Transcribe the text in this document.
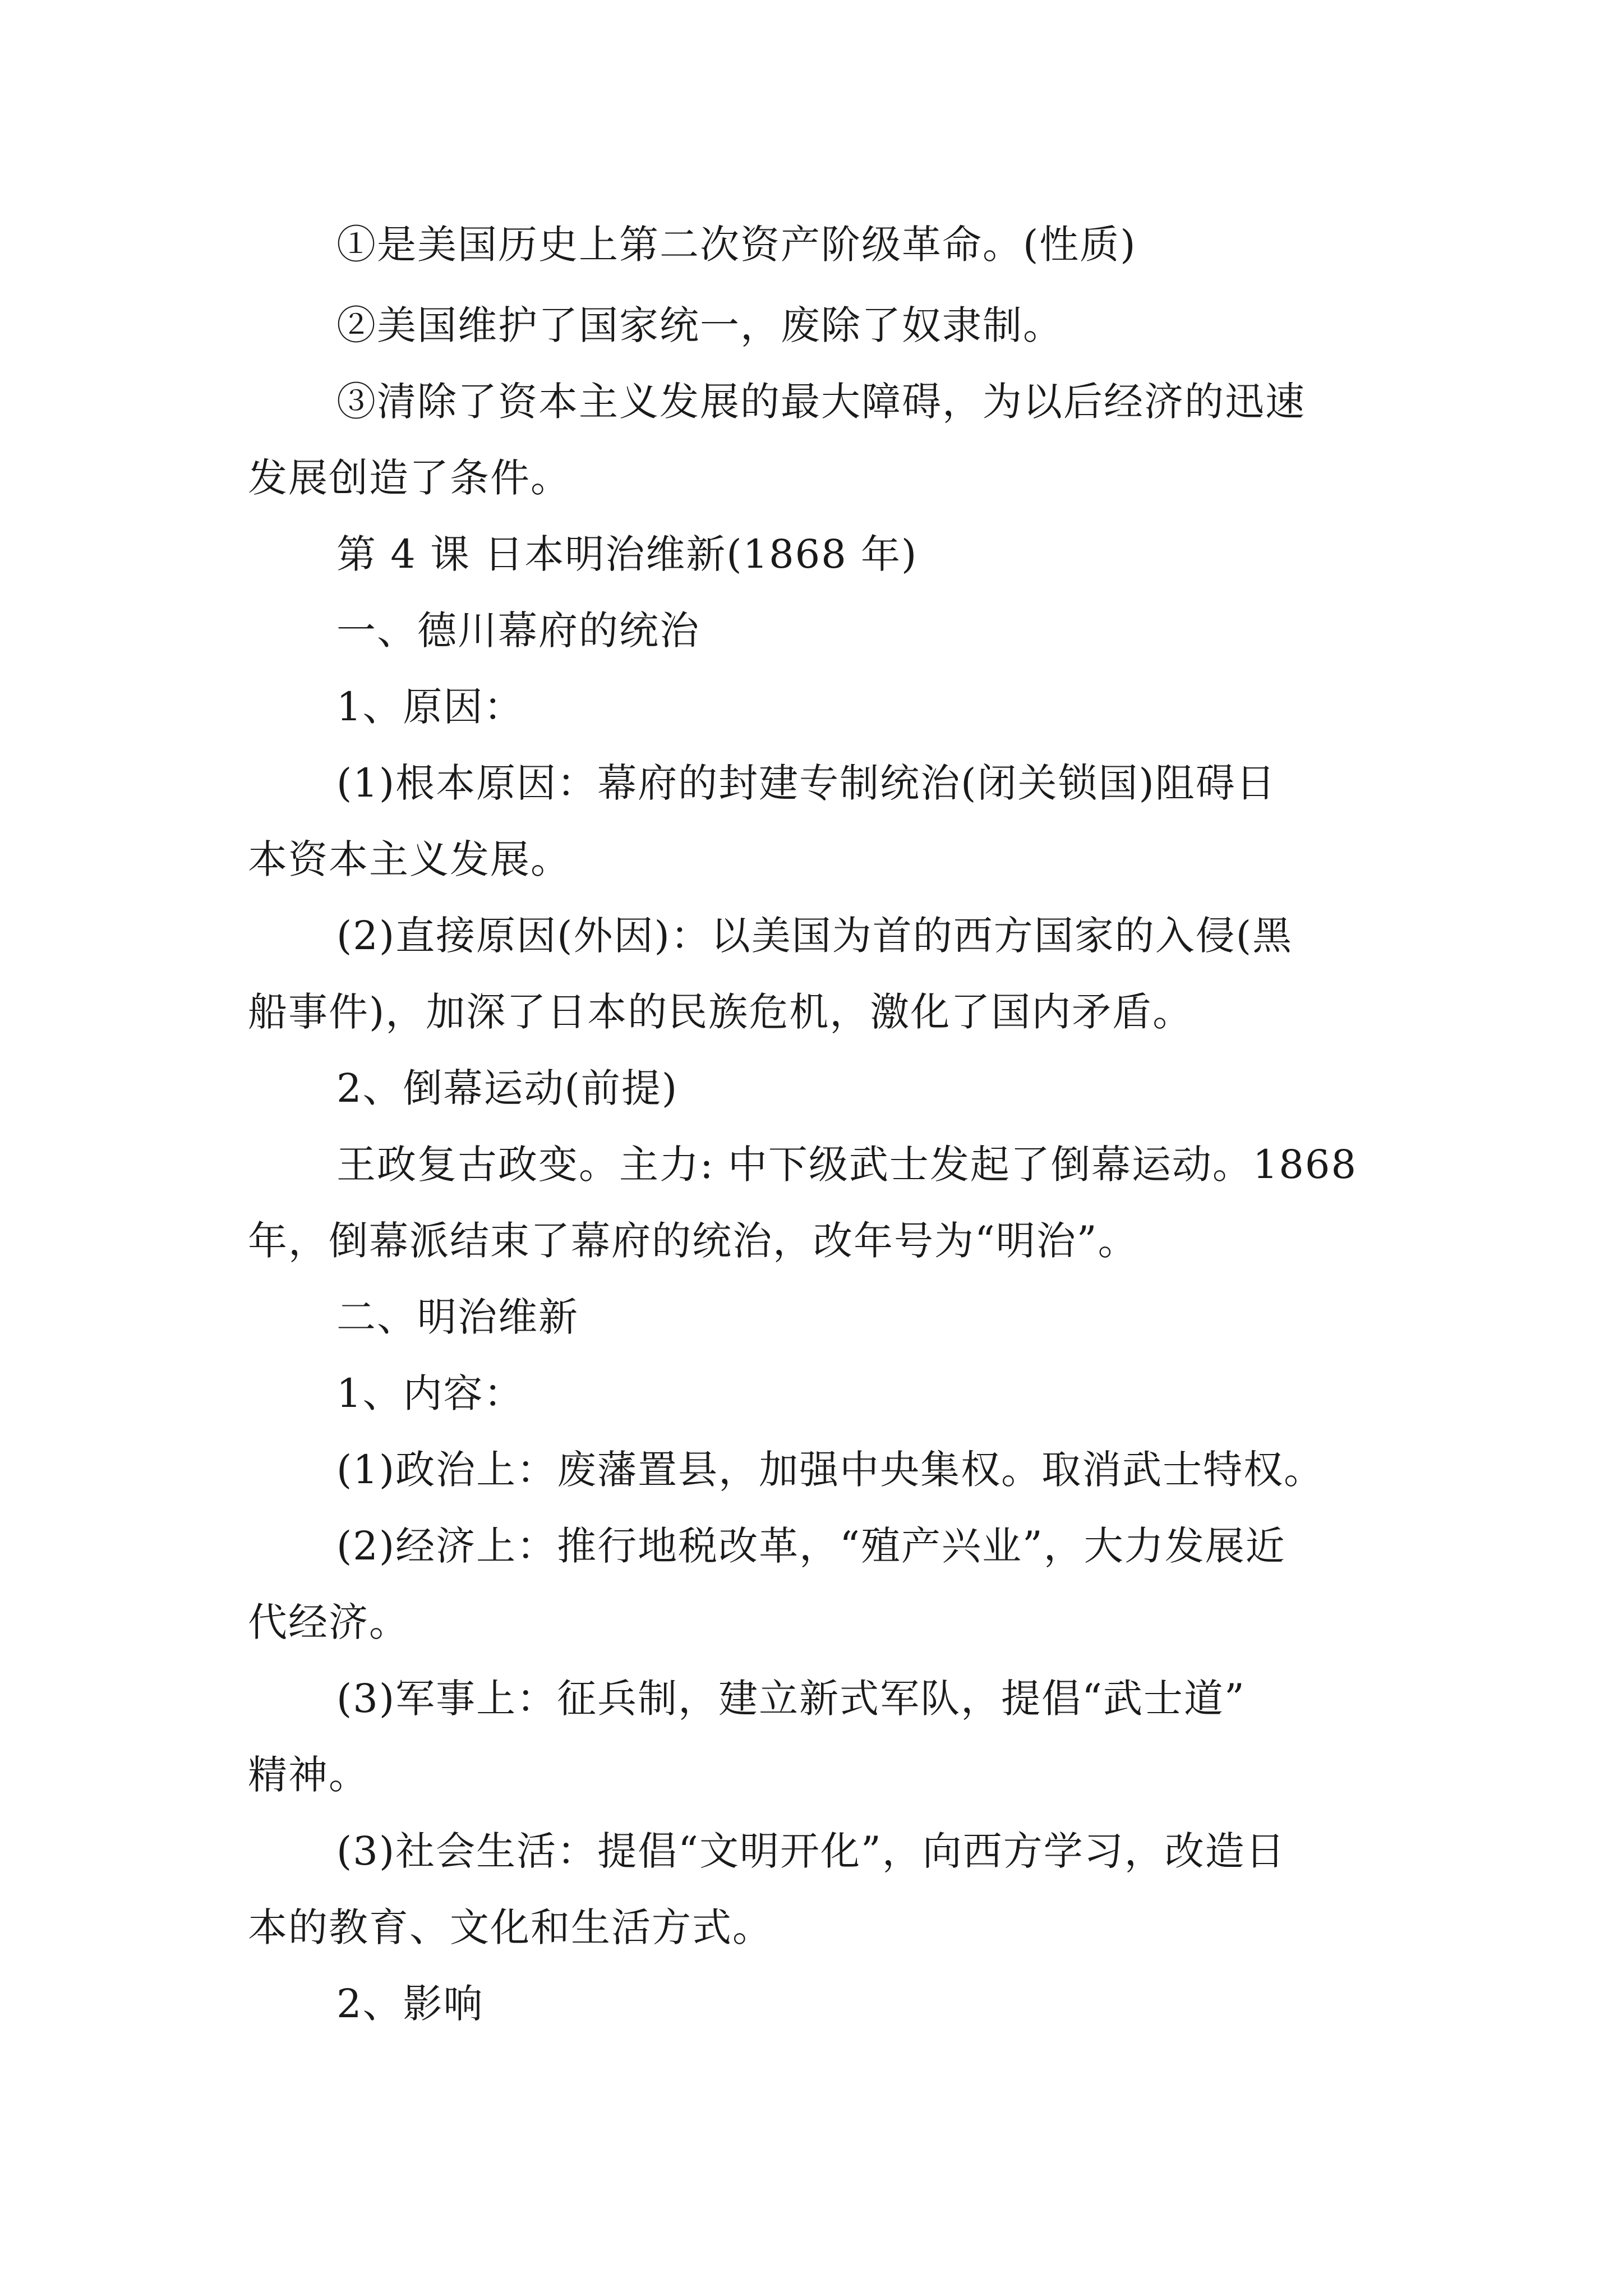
①是美国历史上第二次资产阶级革命。(性质)

②美国维护了国家统一，废除了奴隶制。

③清除了资本主义发展的最大障碍，为以后经济的迅速

发展创造了条件。

第 4 课 日本明治维新(1868 年)

一、德川幕府的统治

1、原因：

(1)根本原因：幕府的封建专制统治(闭关锁国)阻碍日

本资本主义发展。

(2)直接原因(外因)：以美国为首的西方国家的入侵(黑

船事件)，加深了日本的民族危机，激化了国内矛盾。

2、倒幕运动(前提)

王政复古政变。主力: 中下级武士发起了倒幕运动。1868

年，倒幕派结束了幕府的统治，改年号为“明治”。

二、明治维新

1、内容：

(1)政治上：废藩置县，加强中央集权。取消武士特权。

(2)经济上：推行地税改革，“殖产兴业”，大力发展近

代经济。

(3)军事上：征兵制，建立新式军队，提倡“武士道”

精神。

(3)社会生活：提倡“文明开化”，向西方学习，改造日

本的教育、文化和生活方式。

2、影响
